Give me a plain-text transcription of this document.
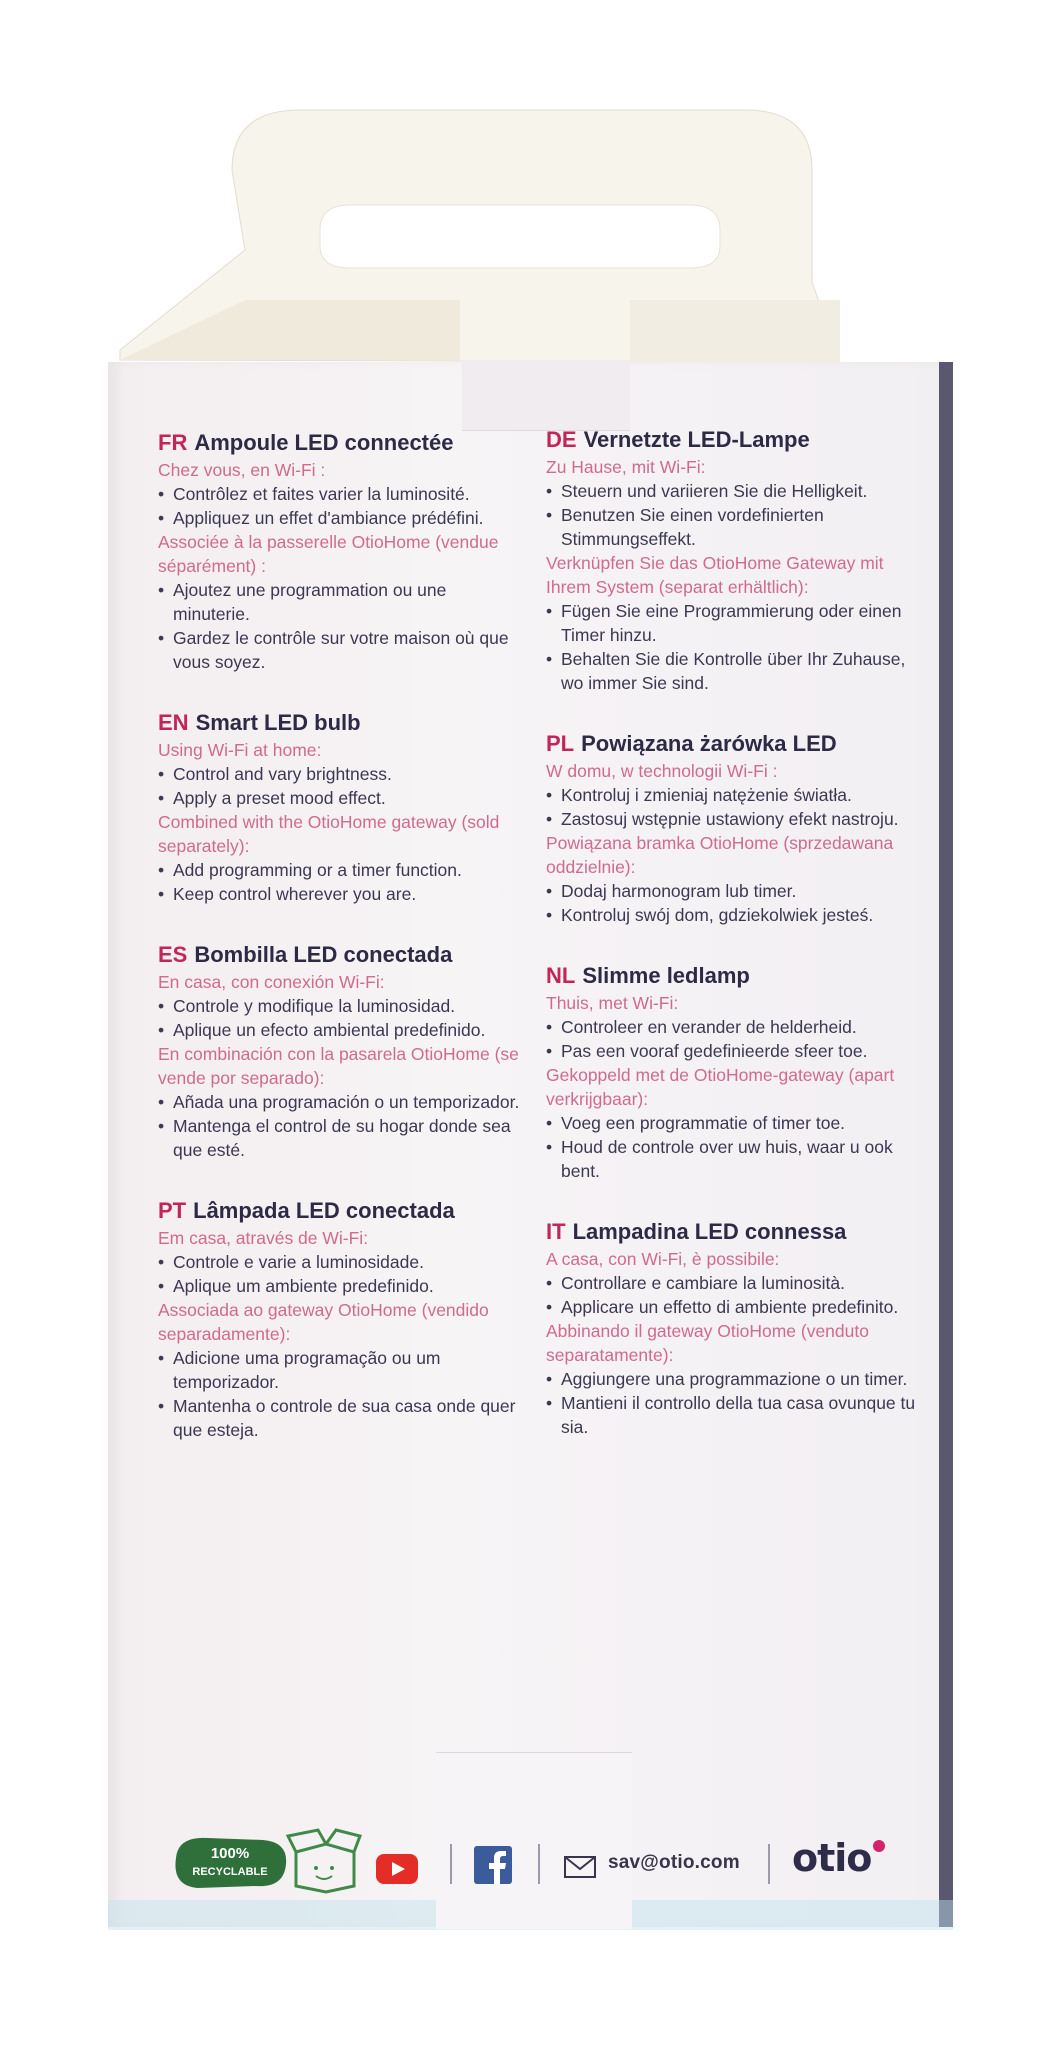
FR Ampoule LED connectée
Chez vous, en Wi-Fi :
• Contrôlez et faites varier la luminosité.
• Appliquez un effet d'ambiance prédéfini.
Associée à la passerelle OtioHome (vendue séparément) :
• Ajoutez une programmation ou une minuterie.
• Gardez le contrôle sur votre maison où que vous soyez.
EN Smart LED bulb
Using Wi-Fi at home:
• Control and vary brightness.
• Apply a preset mood effect.
Combined with the OtioHome gateway (sold separately):
• Add programming or a timer function.
• Keep control wherever you are.
ES Bombilla LED conectada
En casa, con conexión Wi-Fi:
• Controle y modifique la luminosidad.
• Aplique un efecto ambiental predefinido.
En combinación con la pasarela OtioHome (se vende por separado):
• Añada una programación o un temporizador.
• Mantenga el control de su hogar donde sea que esté.
PT Lâmpada LED conectada
Em casa, através de Wi-Fi:
• Controle e varie a luminosidade.
• Aplique um ambiente predefinido.
Associada ao gateway OtioHome (vendido separadamente):
• Adicione uma programação ou um temporizador.
• Mantenha o controle de sua casa onde quer que esteja.
DE Vernetzte LED-Lampe
Zu Hause, mit Wi-Fi:
• Steuern und variieren Sie die Helligkeit.
• Benutzen Sie einen vordefinierten Stimmungseffekt.
Verknüpfen Sie das OtioHome Gateway mit Ihrem System (separat erhältlich):
• Fügen Sie eine Programmierung oder einen Timer hinzu.
• Behalten Sie die Kontrolle über Ihr Zuhause, wo immer Sie sind.
PL Powiązana żarówka LED
W domu, w technologii Wi-Fi :
• Kontroluj i zmieniaj natężenie światła.
• Zastosuj wstępnie ustawiony efekt nastroju.
Powiązana bramka OtioHome (sprzedawana oddzielnie):
• Dodaj harmonogram lub timer.
• Kontroluj swój dom, gdziekolwiek jesteś.
NL Slimme ledlamp
Thuis, met Wi-Fi:
• Controleer en verander de helderheid.
• Pas een vooraf gedefinieerde sfeer toe.
Gekoppeld met de OtioHome-gateway (apart verkrijgbaar):
• Voeg een programmatie of timer toe.
• Houd de controle over uw huis, waar u ook bent.
IT Lampadina LED connessa
A casa, con Wi-Fi, è possibile:
• Controllare e cambiare la luminosità.
• Applicare un effetto di ambiente predefinito.
Abbinando il gateway OtioHome (venduto separatamente):
• Aggiungere una programmazione o un timer.
• Mantieni il controllo della tua casa ovunque tu sia.
100%
RECYCLABLE	sav@otio.com otio
